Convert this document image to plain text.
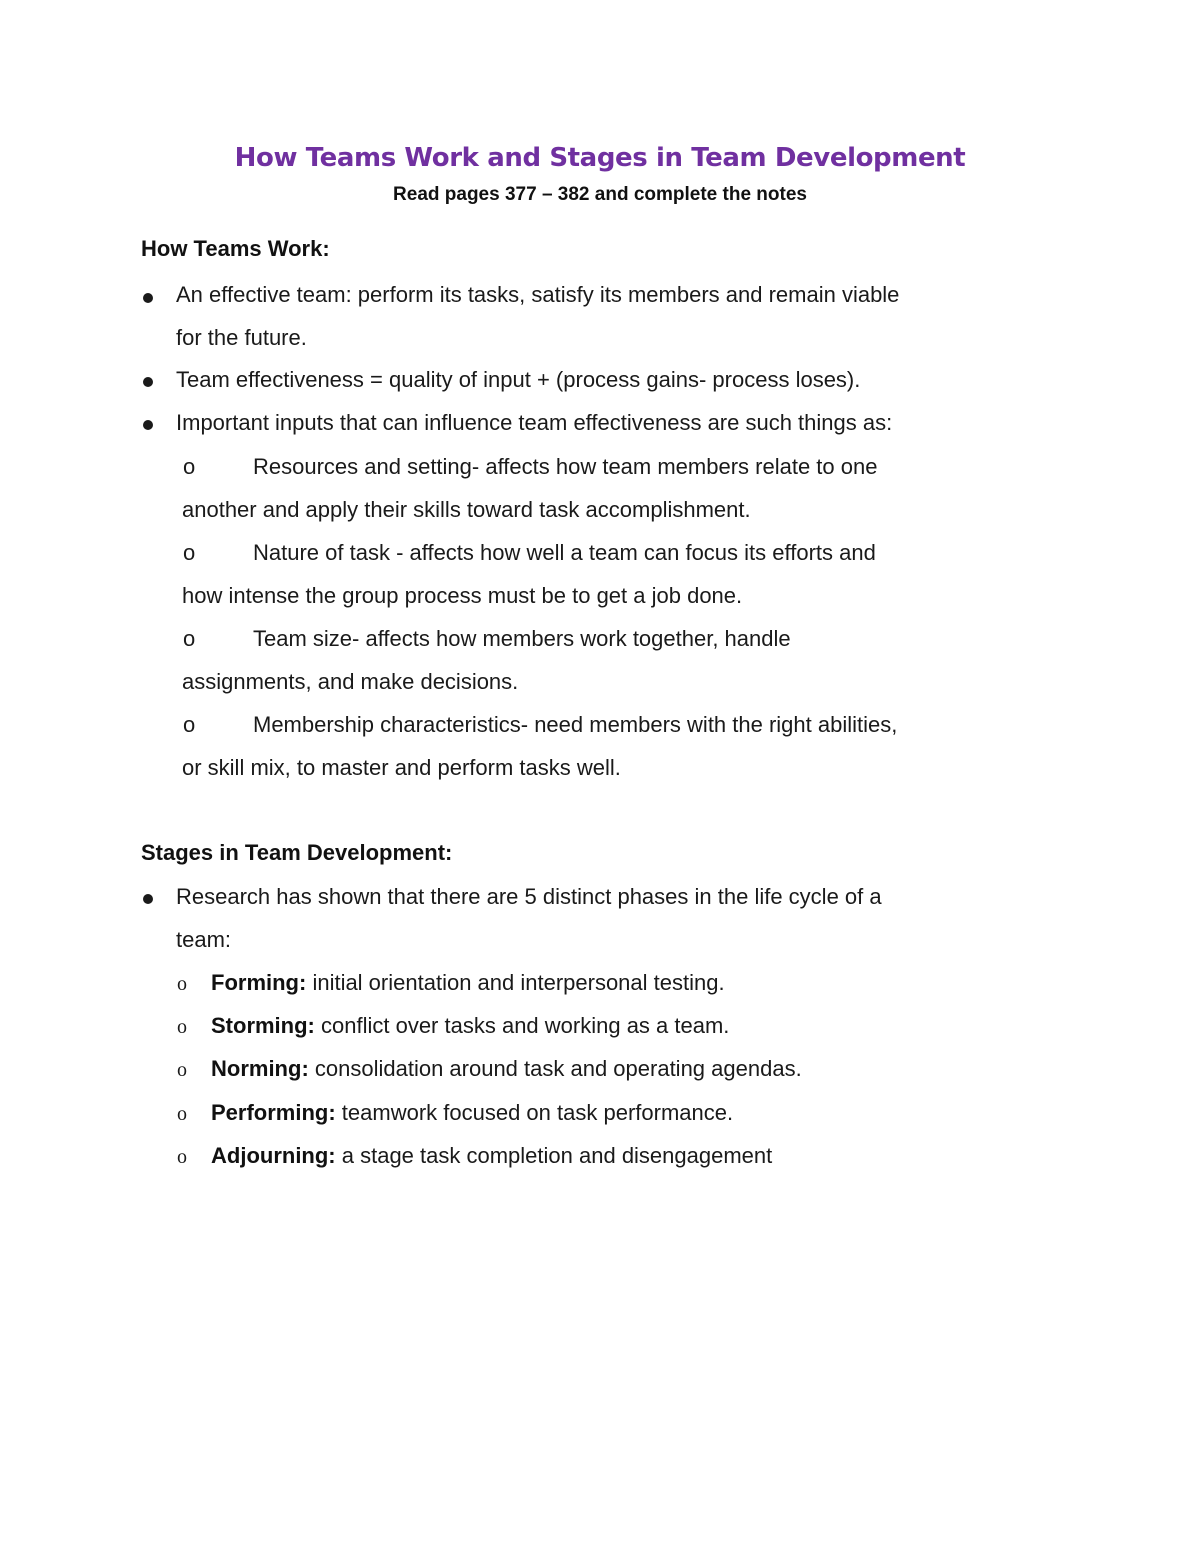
How Teams Work and Stages in Team Development
Read pages 377 – 382 and complete the notes
How Teams Work:
An effective team: perform its tasks, satisfy its members and remain viable
for the future.
Team effectiveness = quality of input + (process gains- process loses).
Important inputs that can influence team effectiveness are such things as:
o	Resources and setting- affects how team members relate to one
another and apply their skills toward task accomplishment.
o	Nature of task - affects how well a team can focus its efforts and
how intense the group process must be to get a job done.
o	Team size- affects how members work together, handle
assignments, and make decisions.
o	Membership characteristics- need members with the right abilities,
or skill mix, to master and perform tasks well.
Stages in Team Development:
Research has shown that there are 5 distinct phases in the life cycle of a
team:
o Forming: initial orientation and interpersonal testing.
o Storming: conflict over tasks and working as a team.
o Norming: consolidation around task and operating agendas.
o Performing: teamwork focused on task performance.
o Adjourning: a stage task completion and disengagement
